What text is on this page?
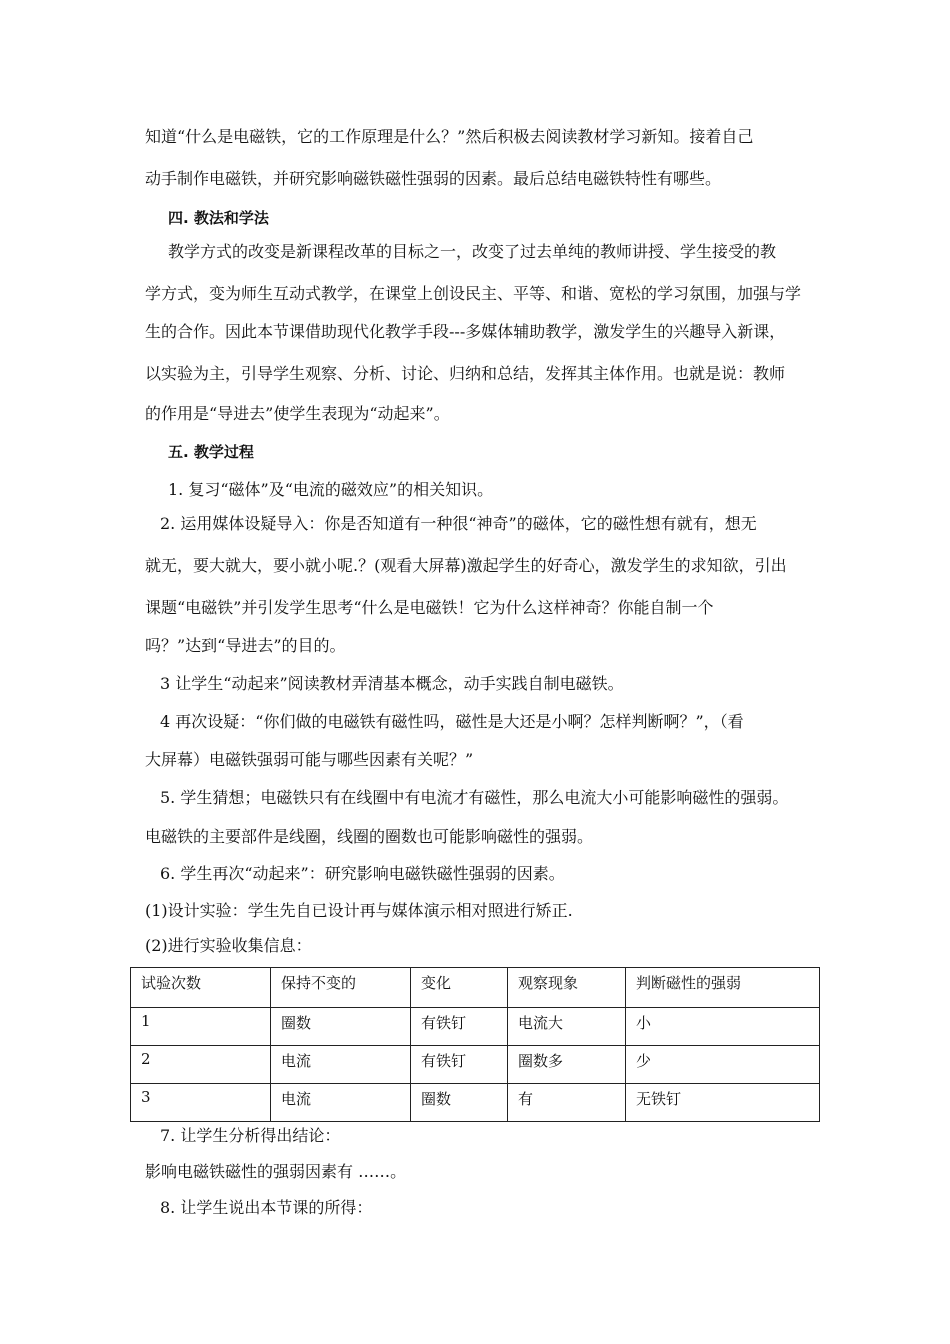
知道“什么是电磁铁，它的工作原理是什么？”然后积极去阅读教材学习新知。接着自己
动手制作电磁铁，并研究影响磁铁磁性强弱的因素。最后总结电磁铁特性有哪些。
四. 教法和学法
教学方式的改变是新课程改革的目标之一，改变了过去单纯的教师讲授、学生接受的教
学方式，变为师生互动式教学，在课堂上创设民主、平等、和谐、宽松的学习氛围，加强与学
生的合作。因此本节课借助现代化教学手段---多媒体辅助教学，激发学生的兴趣导入新课，
以实验为主，引导学生观察、分析、讨论、归纳和总结，发挥其主体作用。也就是说：教师
的作用是“导进去”使学生表现为“动起来”。
五. 教学过程
1. 复习“磁体”及“电流的磁效应”的相关知识。
2. 运用媒体设疑导入：你是否知道有一种很“神奇”的磁体，它的磁性想有就有，想无
就无，要大就大，要小就小呢.？(观看大屏幕)激起学生的好奇心，激发学生的求知欲，引出
课题“电磁铁”并引发学生思考“什么是电磁铁！它为什么这样神奇？你能自制一个
吗？”达到“导进去”的目的。
3 让学生“动起来”阅读教材弄清基本概念，动手实践自制电磁铁。
4 再次设疑：“你们做的电磁铁有磁性吗，磁性是大还是小啊？怎样判断啊？”，（看
大屏幕）电磁铁强弱可能与哪些因素有关呢？”
5. 学生猜想；电磁铁只有在线圈中有电流才有磁性，那么电流大小可能影响磁性的强弱。
电磁铁的主要部件是线圈，线圈的圈数也可能影响磁性的强弱。
6. 学生再次“动起来”：研究影响电磁铁磁性强弱的因素。
(1)设计实验：学生先自已设计再与媒体演示相对照进行矫正.
(2)进行实验收集信息：
试验次数	保持不变的	变化	观察现象	判断磁性的强弱
1	圈数	有铁钉	电流大	小
2	电流	有铁钉	圈数多	少
3	电流	圈数	有	无铁钉
7. 让学生分析得出结论：
影响电磁铁磁性的强弱因素有 ……。
8. 让学生说出本节课的所得：
